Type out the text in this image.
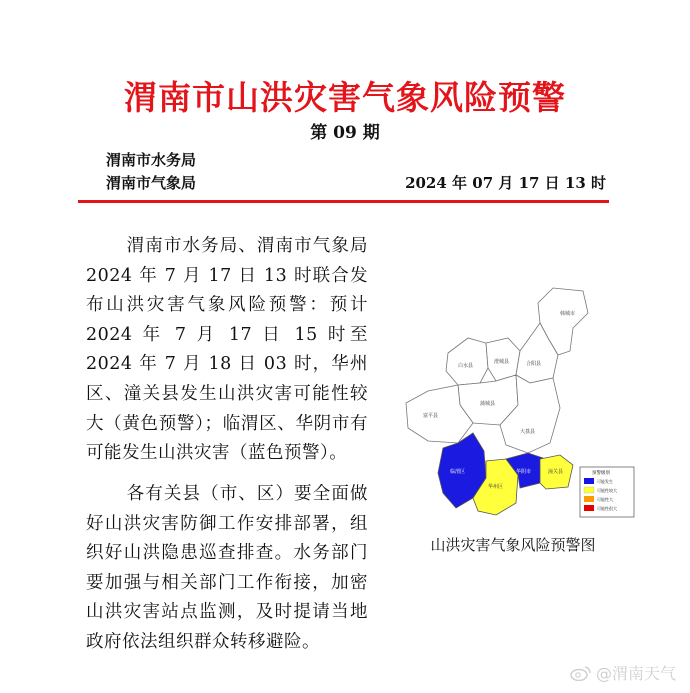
渭南市山洪灾害气象风险预警
第 09 期
渭南市水务局
渭南市气象局	2024 年 07 月 17 日 13 时
渭南市水务局、渭南市气象局 2024 年 7 月 17 日 13 时联合发布山洪灾害气象风险预警：预计 2024 年 7 月 17 日 15 时至 2024 年 7 月 18 日 03 时，华州区、潼关县发生山洪灾害可能性较大（黄色预警）；临渭区、华阴市有可能发生山洪灾害（蓝色预警）。
各有关县（市、区）要全面做好山洪灾害防御工作安排部署，组织好山洪隐患巡查排查。水务部门要加强与相关部门工作衔接，加密山洪灾害站点监测，及时提请当地政府依法组织群众转移避险。
韩城市
白水县
澄城县	合阳县
蒲城县
富平县
大荔县
临渭区
华州区
华阴市	潼关县	预警级别
可能发生
可能性较大
可能性大
可能性很大
山洪灾害气象风险预警图
@渭南天气
